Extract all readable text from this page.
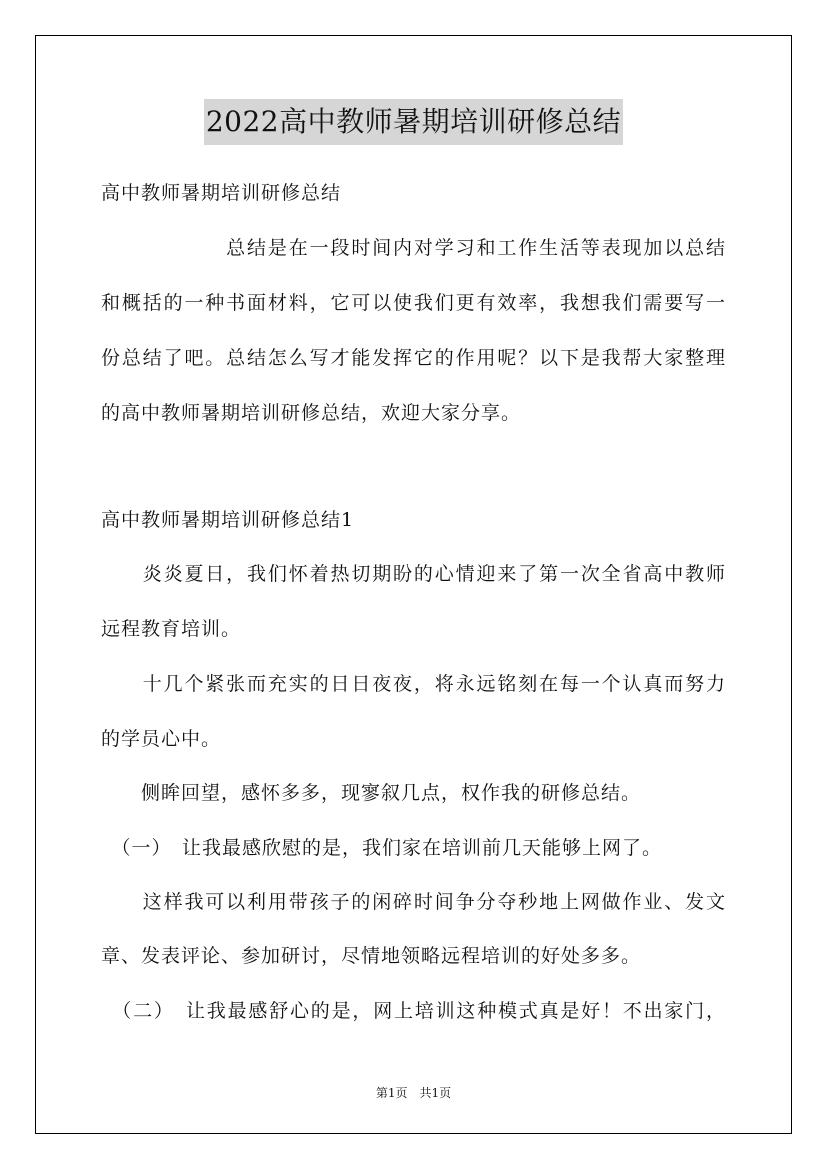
2022高中教师暑期培训研修总结
高中教师暑期培训研修总结
　　　　　　总结是在一段时间内对学习和工作生活等表现加以总结
和概括的一种书面材料，它可以使我们更有效率，我想我们需要写一
份总结了吧。总结怎么写才能发挥它的作用呢？以下是我帮大家整理
的高中教师暑期培训研修总结，欢迎大家分享。
高中教师暑期培训研修总结1
　　炎炎夏日，我们怀着热切期盼的心情迎来了第一次全省高中教师
远程教育培训。
　　十几个紧张而充实的日日夜夜，将永远铭刻在每一个认真而努力
的学员心中。
　　侧眸回望，感怀多多，现寥叙几点，权作我的研修总结。
　（一）　让我最感欣慰的是，我们家在培训前几天能够上网了。
　　这样我可以利用带孩子的闲碎时间争分夺秒地上网做作业、发文
章、发表评论、参加研讨，尽情地领略远程培训的好处多多。
　（二）　让我最感舒心的是，网上培训这种模式真是好！不出家门，
第1页　共1页
